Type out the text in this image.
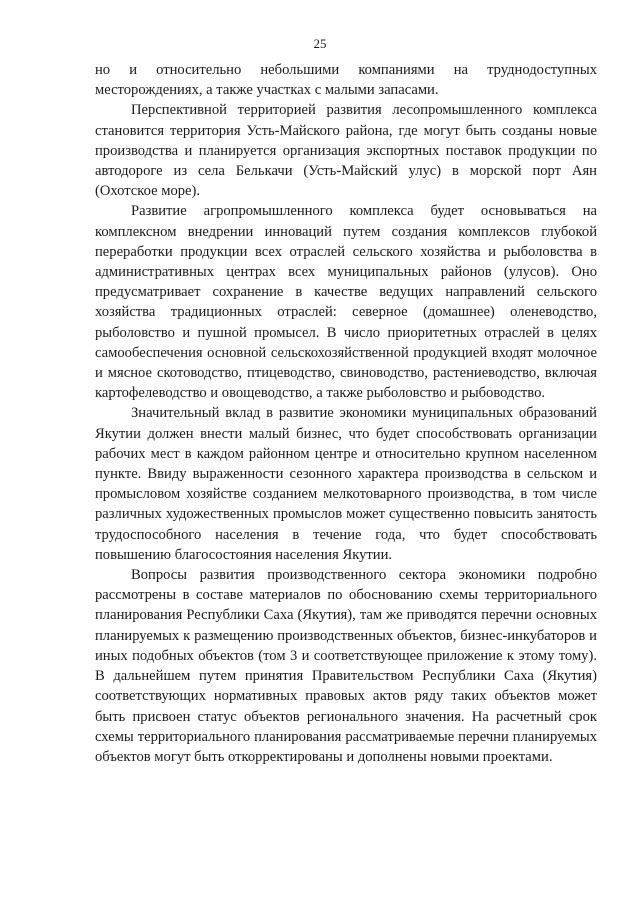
25

но и относительно небольшими компаниями на труднодоступных месторождениях, а также участках с малыми запасами.

Перспективной территорией развития лесопромышленного комплекса становится территория Усть-Майского района, где могут быть созданы новые производства и планируется организация экспортных поставок продукции по автодороге из села Белькачи (Усть-Майский улус) в морской порт Аян (Охотское море).

Развитие агропромышленного комплекса будет основываться на комплексном внедрении инноваций путем создания комплексов глубокой переработки продукции всех отраслей сельского хозяйства и рыболовства в административных центрах всех муниципальных районов (улусов). Оно предусматривает сохранение в качестве ведущих направлений сельского хозяйства традиционных отраслей: северное (домашнее) оленеводство, рыболовство и пушной промысел. В число приоритетных отраслей в целях самообеспечения основной сельскохозяйственной продукцией входят молочное и мясное скотоводство, птицеводство, свиноводство, растениеводство, включая картофелеводство и овощеводство, а также рыболовство и рыбоводство.

Значительный вклад в развитие экономики муниципальных образований Якутии должен внести малый бизнес, что будет способствовать организации рабочих мест в каждом районном центре и относительно крупном населенном пункте. Ввиду выраженности сезонного характера производства в сельском и промысловом хозяйстве созданием мелкотоварного производства, в том числе различных художественных промыслов может существенно повысить занятость трудоспособного населения в течение года, что будет способствовать повышению благосостояния населения Якутии.

Вопросы развития производственного сектора экономики подробно рассмотрены в составе материалов по обоснованию схемы территориального планирования Республики Саха (Якутия), там же приводятся перечни основных планируемых к размещению производственных объектов, бизнес-инкубаторов и иных подобных объектов (том 3 и соответствующее приложение к этому тому). В дальнейшем путем принятия Правительством Республики Саха (Якутия) соответствующих нормативных правовых актов ряду таких объектов может быть присвоен статус объектов регионального значения. На расчетный срок схемы территориального планирования рассматриваемые перечни планируемых объектов могут быть откорректированы и дополнены новыми проектами.
